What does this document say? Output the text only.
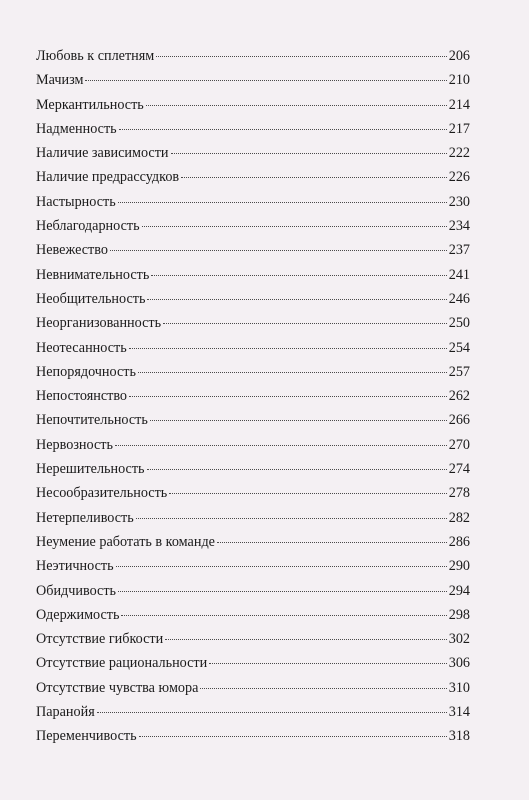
Любовь к сплетням	206
Мачизм	210
Меркантильность	214
Надменность	217
Наличие зависимости	222
Наличие предрассудков	226
Настырность	230
Неблагодарность	234
Невежество	237
Невнимательность	241
Необщительность	246
Неорганизованность	250
Неотесанность	254
Непорядочность	257
Непостоянство	262
Непочтительность	266
Нервозность	270
Нерешительность	274
Несообразительность	278
Нетерпеливость	282
Неумение работать в команде	286
Неэтичность	290
Обидчивость	294
Одержимость	298
Отсутствие гибкости	302
Отсутствие рациональности	306
Отсутствие чувства юмора	310
Паранойя	314
Переменчивость	318
